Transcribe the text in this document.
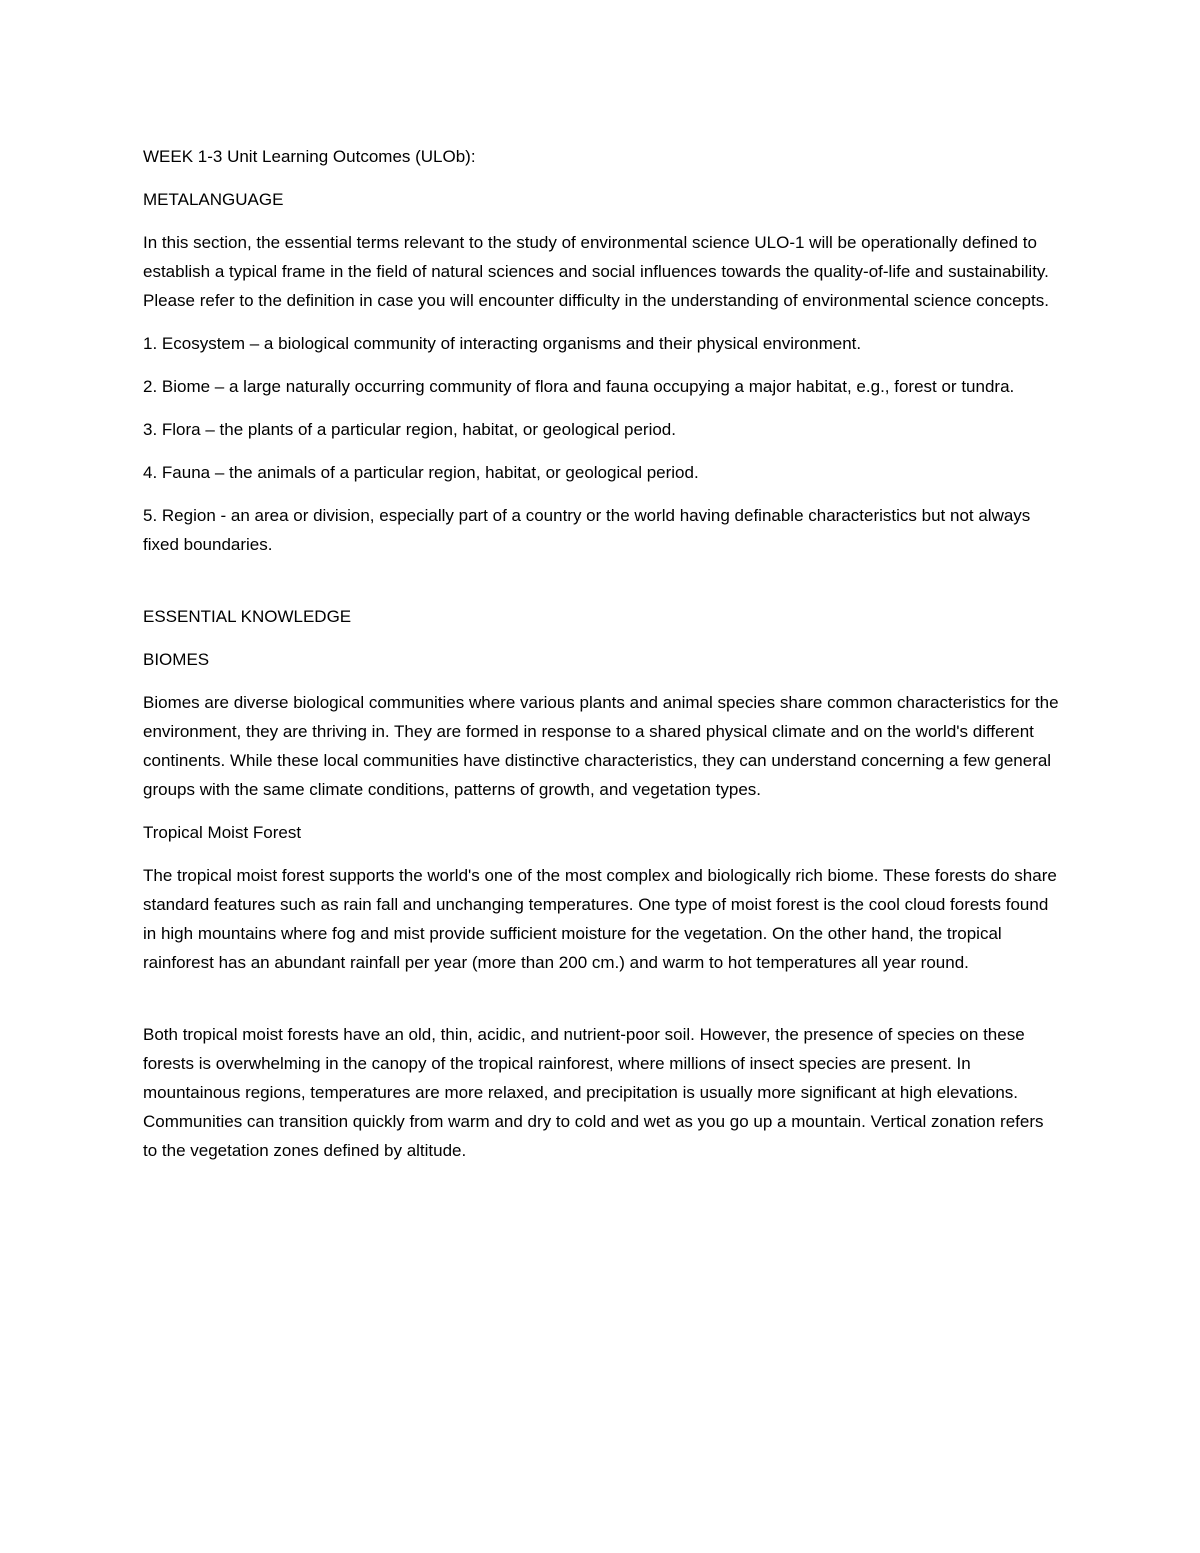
WEEK 1-3 Unit Learning Outcomes (ULOb):

METALANGUAGE

In this section, the essential terms relevant to the study of environmental science ULO-1 will be operationally defined to establish a typical frame in the field of natural sciences and social influences towards the quality-of-life and sustainability. Please refer to the definition in case you will encounter difficulty in the understanding of environmental science concepts.

1. Ecosystem – a biological community of interacting organisms and their physical environment.

2. Biome – a large naturally occurring community of flora and fauna occupying a major habitat, e.g., forest or tundra.

3. Flora – the plants of a particular region, habitat, or geological period.

4. Fauna – the animals of a particular region, habitat, or geological period.

5. Region - an area or division, especially part of a country or the world having definable characteristics but not always fixed boundaries.

ESSENTIAL KNOWLEDGE

BIOMES

Biomes are diverse biological communities where various plants and animal species share common characteristics for the environment, they are thriving in. They are formed in response to a shared physical climate and on the world's different continents. While these local communities have distinctive characteristics, they can understand concerning a few general groups with the same climate conditions, patterns of growth, and vegetation types.

Tropical Moist Forest

The tropical moist forest supports the world's one of the most complex and biologically rich biome. These forests do share standard features such as rain fall and unchanging temperatures. One type of moist forest is the cool cloud forests found in high mountains where fog and mist provide sufficient moisture for the vegetation. On the other hand, the tropical rainforest has an abundant rainfall per year (more than 200 cm.) and warm to hot temperatures all year round.

Both tropical moist forests have an old, thin, acidic, and nutrient-poor soil. However, the presence of species on these forests is overwhelming in the canopy of the tropical rainforest, where millions of insect species are present. In mountainous regions, temperatures are more relaxed, and precipitation is usually more significant at high elevations. Communities can transition quickly from warm and dry to cold and wet as you go up a mountain. Vertical zonation refers to the vegetation zones defined by altitude.
